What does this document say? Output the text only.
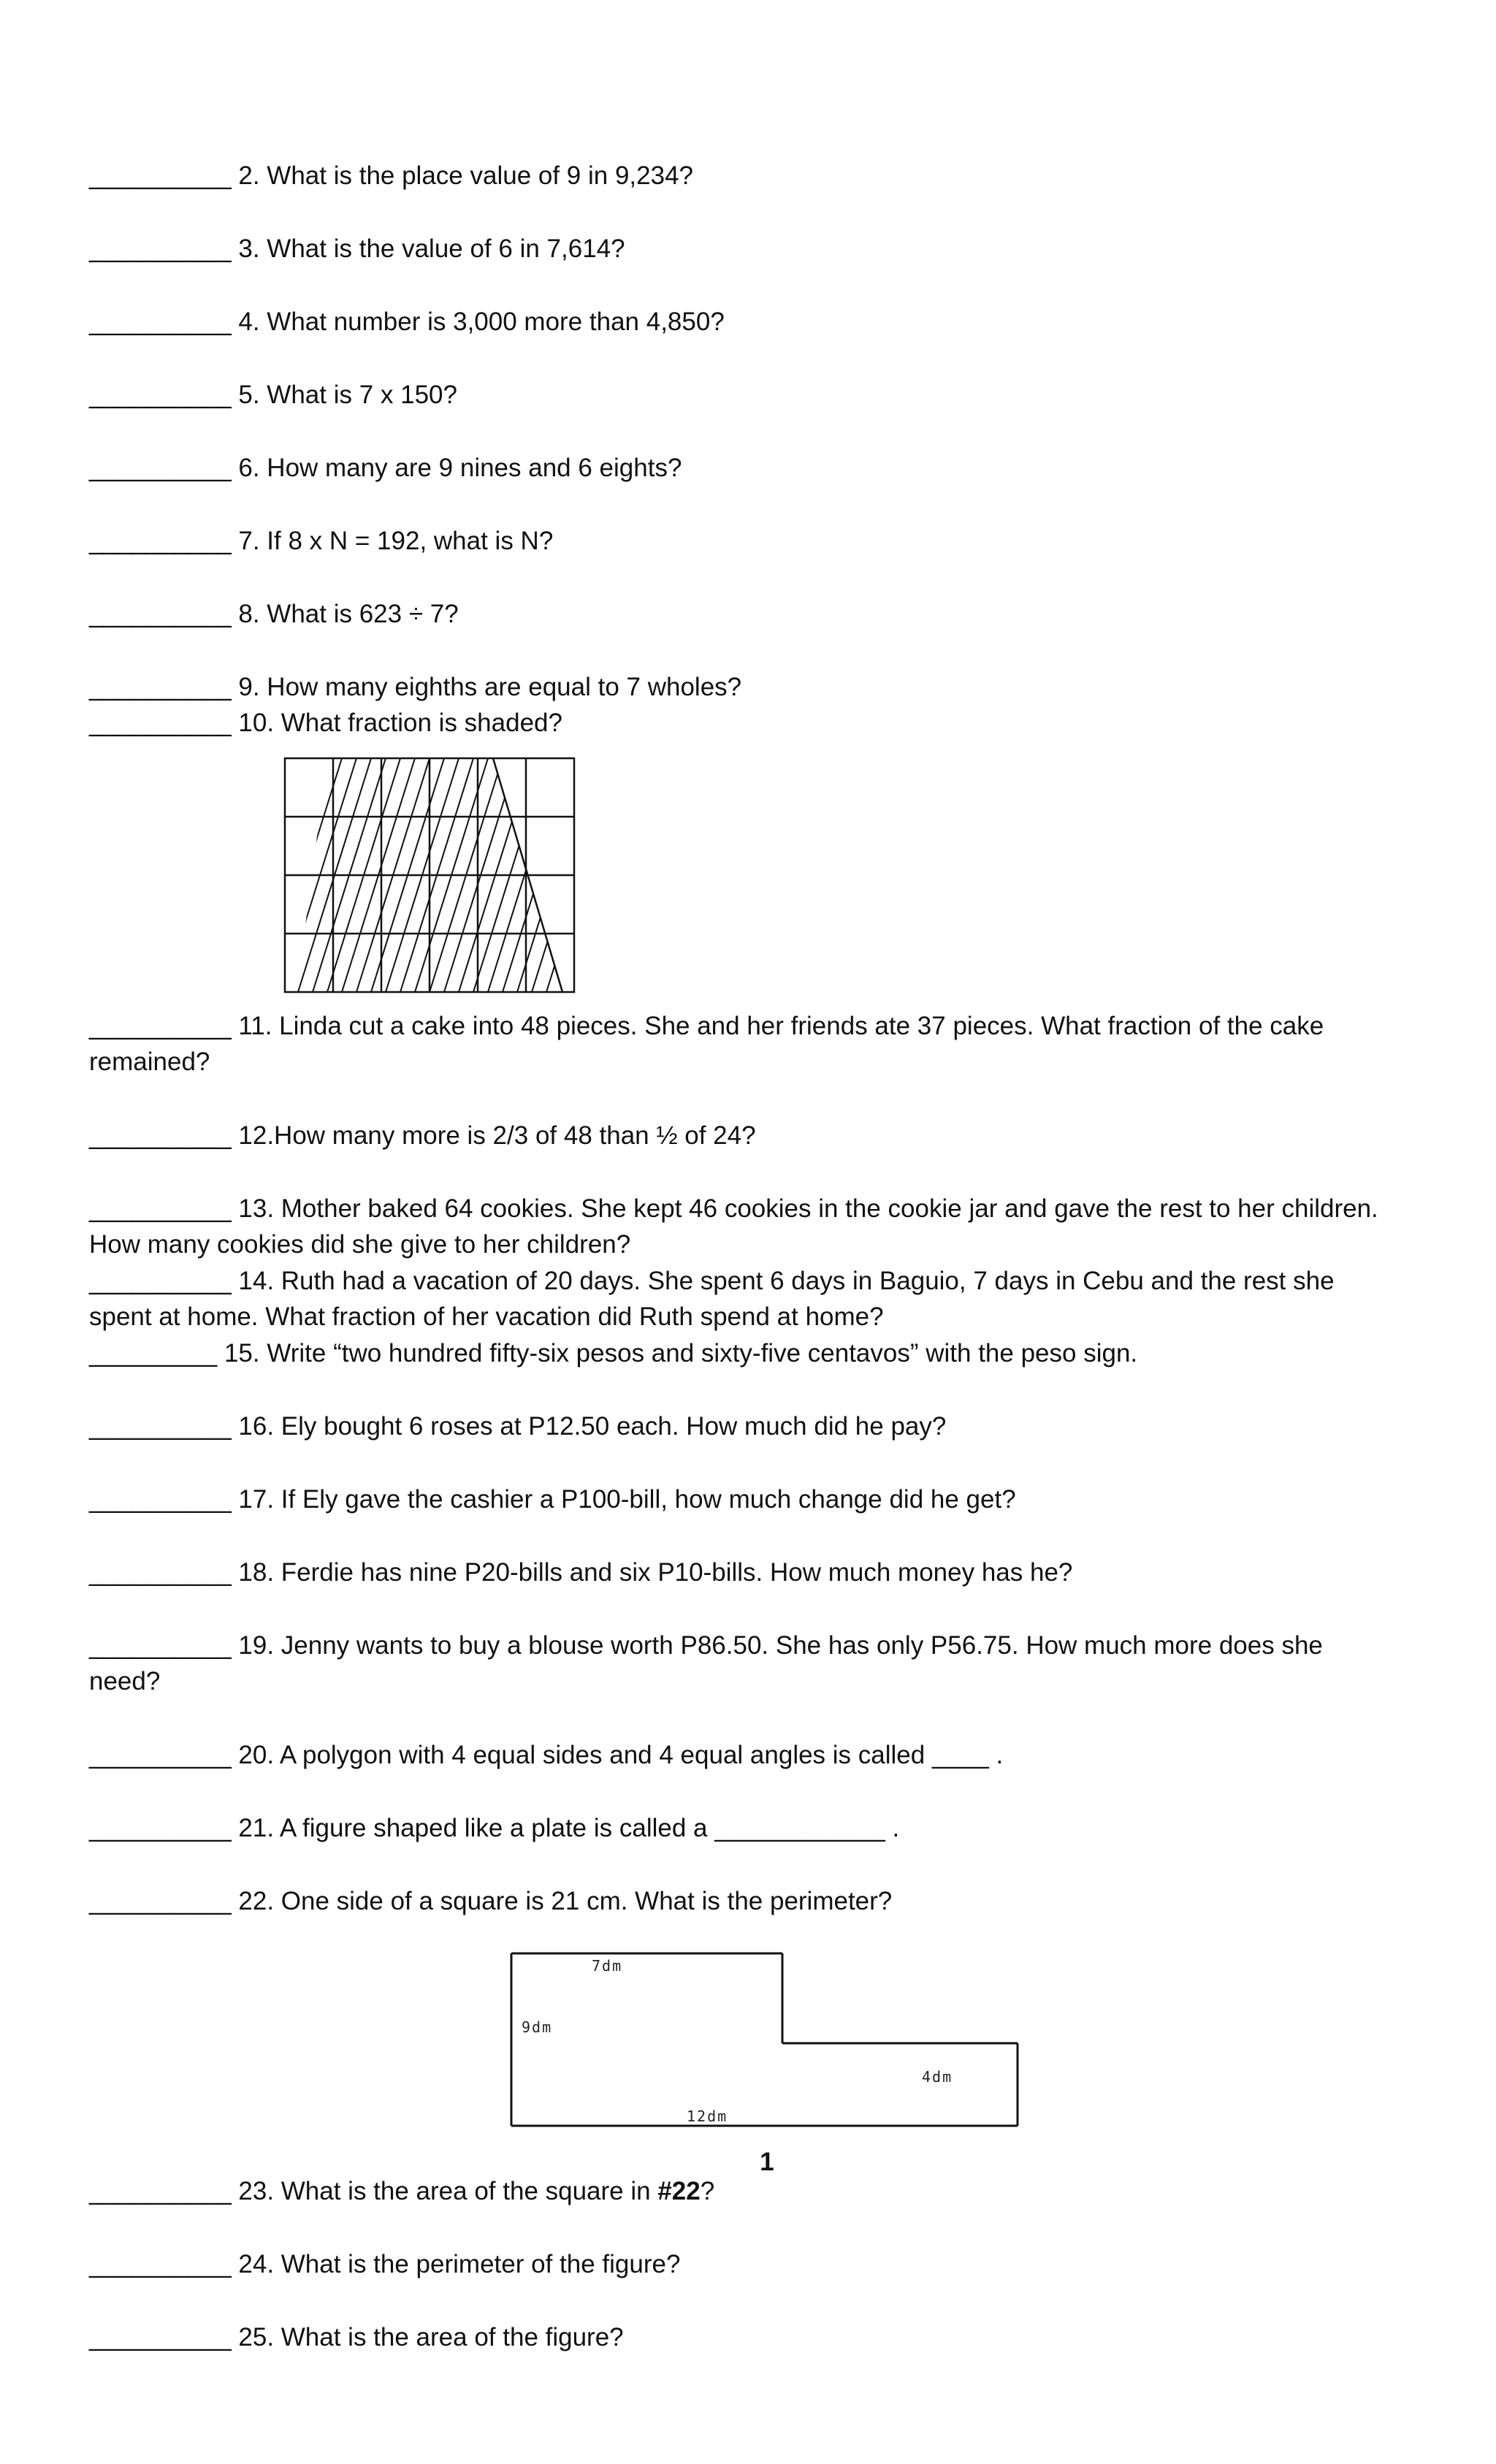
__________ 2. What is the place value of 9 in 9,234?
__________ 3. What is the value of 6 in 7,614?
__________ 4. What number is 3,000 more than 4,850?
__________ 5. What is 7 x 150?
__________ 6. How many are 9 nines and 6 eights?
__________ 7. If 8 x N = 192, what is N?
__________ 8. What is 623 ÷ 7?
__________ 9. How many eighths are equal to 7 wholes?
__________ 10. What fraction is shaded?
__________ 11. Linda cut a cake into 48 pieces. She and her friends ate 37 pieces. What fraction of the cake remained?
__________ 12.How many more is 2/3 of 48 than ½ of 24?
__________ 13. Mother baked 64 cookies. She kept 46 cookies in the cookie jar and gave the rest to her children. How many cookies did she give to her children?
__________ 14. Ruth had a vacation of 20 days. She spent 6 days in Baguio, 7 days in Cebu and the rest she spent at home. What fraction of her vacation did Ruth spend at home?
_________ 15. Write “two hundred fifty-six pesos and sixty-five centavos” with the peso sign.
__________ 16. Ely bought 6 roses at P12.50 each. How much did he pay?
__________ 17. If Ely gave the cashier a P100-bill, how much change did he get?
__________ 18. Ferdie has nine P20-bills and six P10-bills. How much money has he?
__________ 19. Jenny wants to buy a blouse worth P86.50. She has only P56.75. How much more does she need?
__________ 20. A polygon with 4 equal sides and 4 equal angles is called ____ .
__________ 21. A figure shaped like a plate is called a ____________ .
__________ 22. One side of a square is 21 cm. What is the perimeter?
7dm
9dm
4dm
12dm
1
__________ 23. What is the area of the square in #22?
__________ 24. What is the perimeter of the figure?
__________ 25. What is the area of the figure?
